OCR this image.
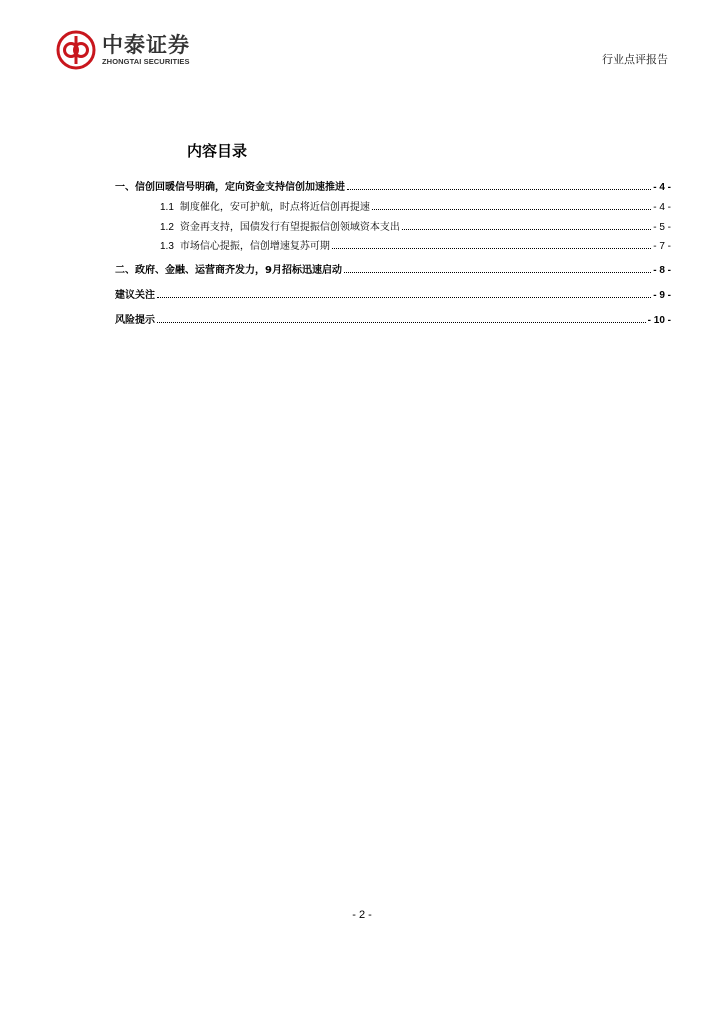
中泰证券
ZHONGTAI SECURITIES	行业点评报告
内容目录
一、信创回暖信号明确，定向资金支持信创加速推进	- 4 -
1.1 制度催化，安可护航，时点将近信创再提速	- 4 -
1.2 资金再支持，国债发行有望提振信创领域资本支出	- 5 -
1.3 市场信心提振，信创增速复苏可期	- 7 -
二、政府、金融、运营商齐发力，9月招标迅速启动	- 8 -
建议关注	- 9 -
风险提示	- 10 -
- 2 -
